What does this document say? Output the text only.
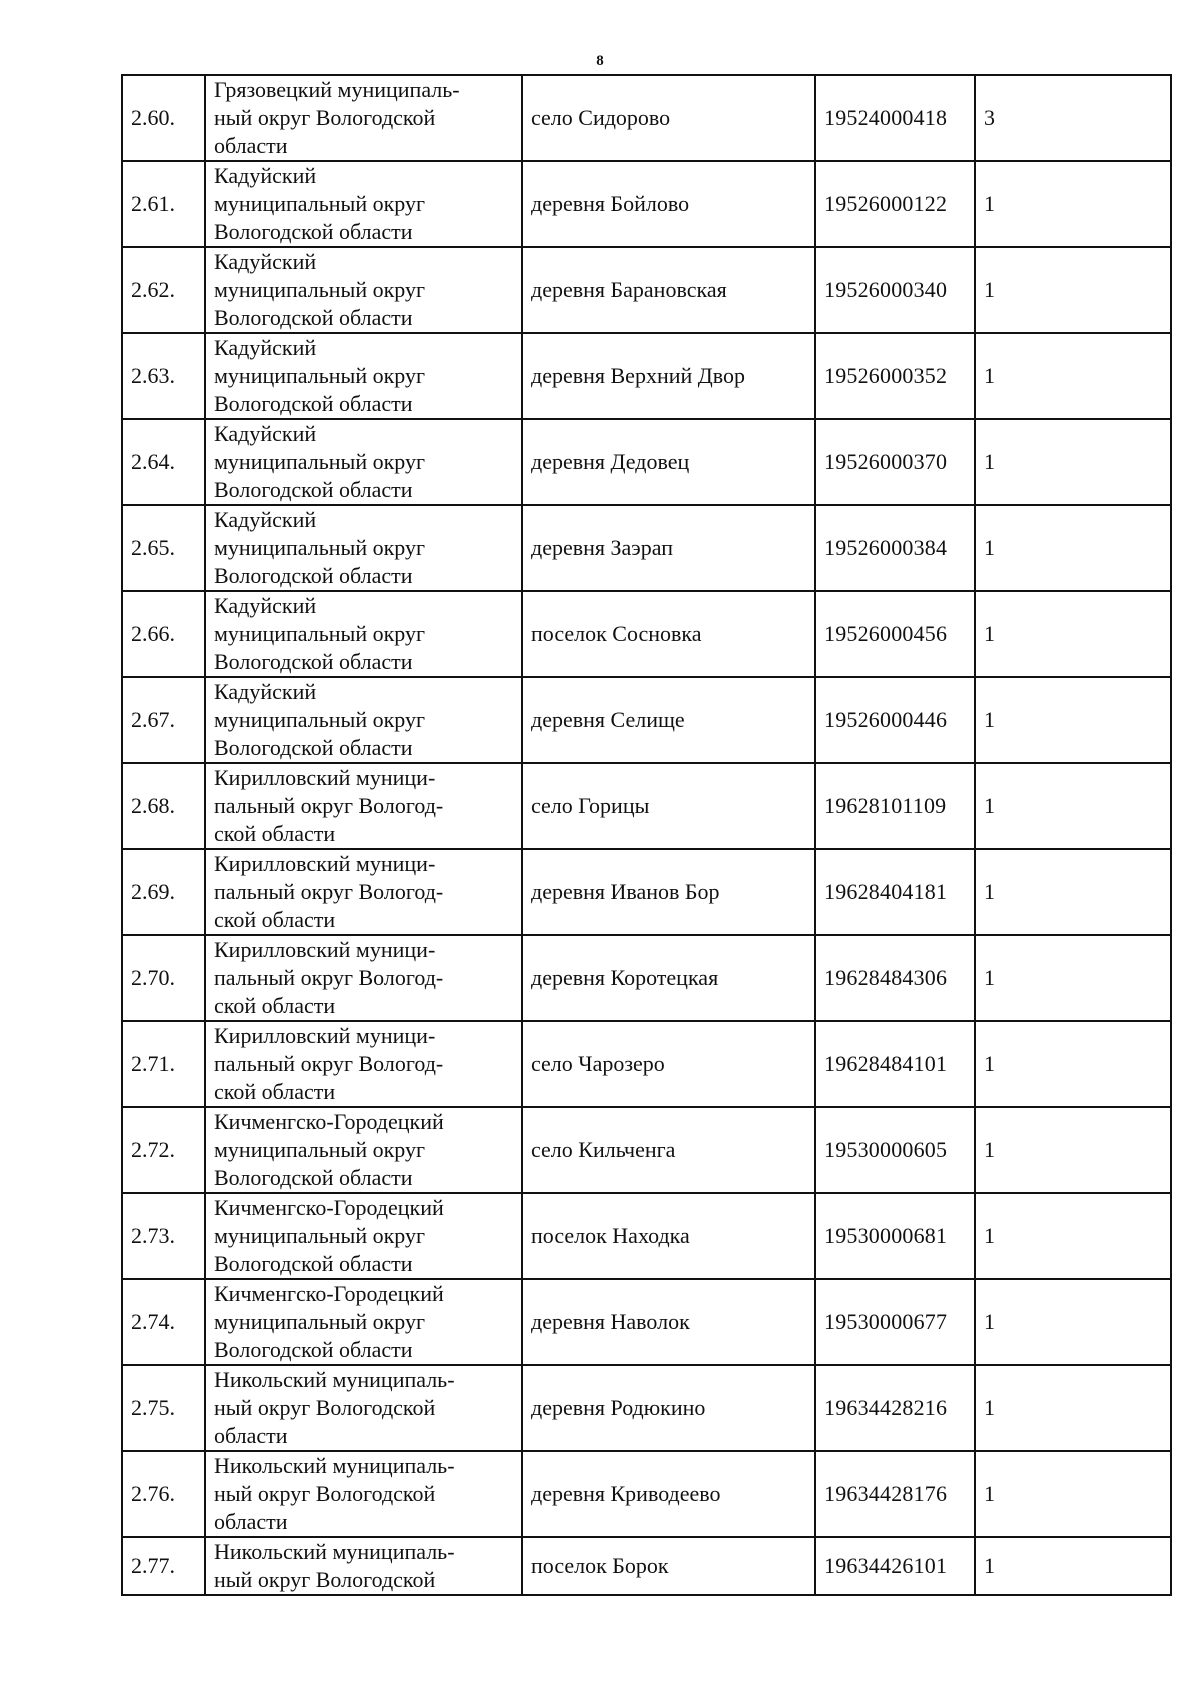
8
2.60.	Грязовецкий муниципаль-
ный округ Вологодской
области	село Сидорово	19524000418	3
2.61.	Кадуйский
муниципальный округ
Вологодской области	деревня Бойлово	19526000122	1
2.62.	Кадуйский
муниципальный округ
Вологодской области	деревня Барановская	19526000340	1
2.63.	Кадуйский
муниципальный округ
Вологодской области	деревня Верхний Двор	19526000352	1
2.64.	Кадуйский
муниципальный округ
Вологодской области	деревня Дедовец	19526000370	1
2.65.	Кадуйский
муниципальный округ
Вологодской области	деревня Заэрап	19526000384	1
2.66.	Кадуйский
муниципальный округ
Вологодской области	поселок Сосновка	19526000456	1
2.67.	Кадуйский
муниципальный округ
Вологодской области	деревня Селище	19526000446	1
2.68.	Кирилловский муници-
пальный округ Вологод-
ской области	село Горицы	19628101109	1
2.69.	Кирилловский муници-
пальный округ Вологод-
ской области	деревня Иванов Бор	19628404181	1
2.70.	Кирилловский муници-
пальный округ Вологод-
ской области	деревня Коротецкая	19628484306	1
2.71.	Кирилловский муници-
пальный округ Вологод-
ской области	село Чарозеро	19628484101	1
2.72.	Кичменгско-Городецкий
муниципальный округ
Вологодской области	село Кильченга	19530000605	1
2.73.	Кичменгско-Городецкий
муниципальный округ
Вологодской области	поселок Находка	19530000681	1
2.74.	Кичменгско-Городецкий
муниципальный округ
Вологодской области	деревня Наволок	19530000677	1
2.75.	Никольский муниципаль-
ный округ Вологодской
области	деревня Родюкино	19634428216	1
2.76.	Никольский муниципаль-
ный округ Вологодской
области	деревня Криводеево	19634428176	1
2.77.	Никольский муниципаль-
ный округ Вологодской	поселок Борок	19634426101	1
